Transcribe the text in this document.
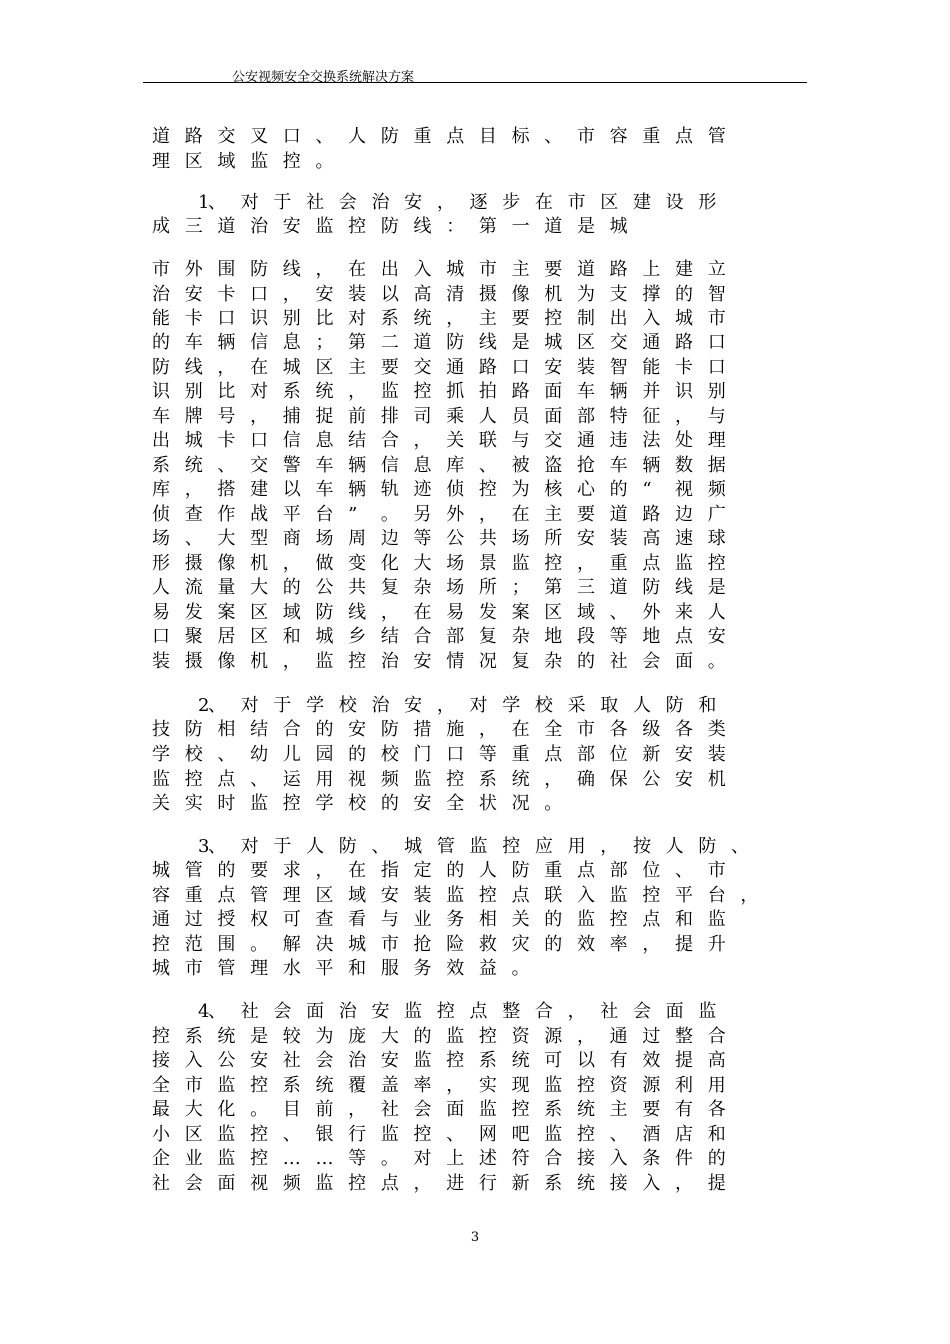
公安视频安全交换系统解决方案
道 路 交 叉 口 、 人 防 重 点 目 标 、 市 容 重 点 管
理 区 域 监 控 。
1
、 对 于 社 会 治 安 ， 逐 步 在 市 区 建 设 形
成 三 道 治 安 监 控 防 线 ： 第 一 道 是 城
市 外 围 防 线 ， 在 出 入 城 市 主 要 道 路 上 建 立
治 安 卡 口 ， 安 装 以 高 清 摄 像 机 为 支 撑 的 智
能 卡 口 识 别 比 对 系 统 ， 主 要 控 制 出 入 城 市
的 车 辆 信 息 ； 第 二 道 防 线 是 城 区 交 通 路 口
防 线 ， 在 城 区 主 要 交 通 路 口 安 装 智 能 卡 口
识 别 比 对 系 统 ， 监 控 抓 拍 路 面 车 辆 并 识 别
车 牌 号 ， 捕 捉 前 排 司 乘 人 员 面 部 特 征 ， 与
出 城 卡 口 信 息 结 合 ， 关 联 与 交 通 违 法 处 理
系 统 、 交 警 车 辆 信 息 库 、 被 盗 抢 车 辆 数 据
库 ， 搭 建 以 车 辆 轨 迹 侦 控 为 核 心 的 “	视 频
侦 查 作 战 平 台 ”	。 另 外 ， 在 主 要 道 路 边 广
场 、 大 型 商 场 周 边 等 公 共 场 所 安 装 高 速 球
形 摄 像 机 ， 做 变 化 大 场 景 监 控 ， 重 点 监 控
人 流 量 大 的 公 共 复 杂 场 所 ； 第 三 道 防 线 是
易 发 案 区 域 防 线 ， 在 易 发 案 区 域 、 外 来 人
口 聚 居 区 和 城 乡 结 合 部 复 杂 地 段 等 地 点 安
装 摄 像 机 ， 监 控 治 安 情 况 复 杂 的 社 会 面 。
2
、 对 于 学 校 治 安 ， 对 学 校 采 取 人 防 和
技 防 相 结 合 的 安 防 措 施 ， 在 全 市 各 级 各 类
学 校 、 幼 儿 园 的 校 门 口 等 重 点 部 位 新 安 装
监 控 点 、 运 用 视 频 监 控 系 统 ， 确 保 公 安 机
关 实 时 监 控 学 校 的 安 全 状 况 。
3
、 对 于 人 防 、 城 管 监 控 应 用 ， 按 人 防 、
城 管 的 要 求 ， 在 指 定 的 人 防 重 点 部 位 、 市
容 重 点 管 理 区 域 安 装 监 控 点 联 入 监 控 平 台 ，
通 过 授 权 可 查 看 与 业 务 相 关 的 监 控 点 和 监
控 范 围 。 解 决 城 市 抢 险 救 灾 的 效 率 ， 提 升
城 市 管 理 水 平 和 服 务 效 益 。
4
、 社 会 面 治 安 监 控 点 整 合 ， 社 会 面 监
控 系 统 是 较 为 庞 大 的 监 控 资 源 ， 通 过 整 合
接 入 公 安 社 会 治 安 监 控 系 统 可 以 有 效 提 高
全 市 监 控 系 统 覆 盖 率 ， 实 现 监 控 资 源 利 用
最 大 化 。 目 前 ， 社 会 面 监 控 系 统 主 要 有 各
小 区 监 控 、 银 行 监 控 、 网 吧 监 控 、 酒 店 和
企 业 监 控 … … 等 。 对 上 述 符 合 接 入 条 件 的
社 会 面 视 频 监 控 点 ， 进 行 新 系 统 接 入 ， 提
3
